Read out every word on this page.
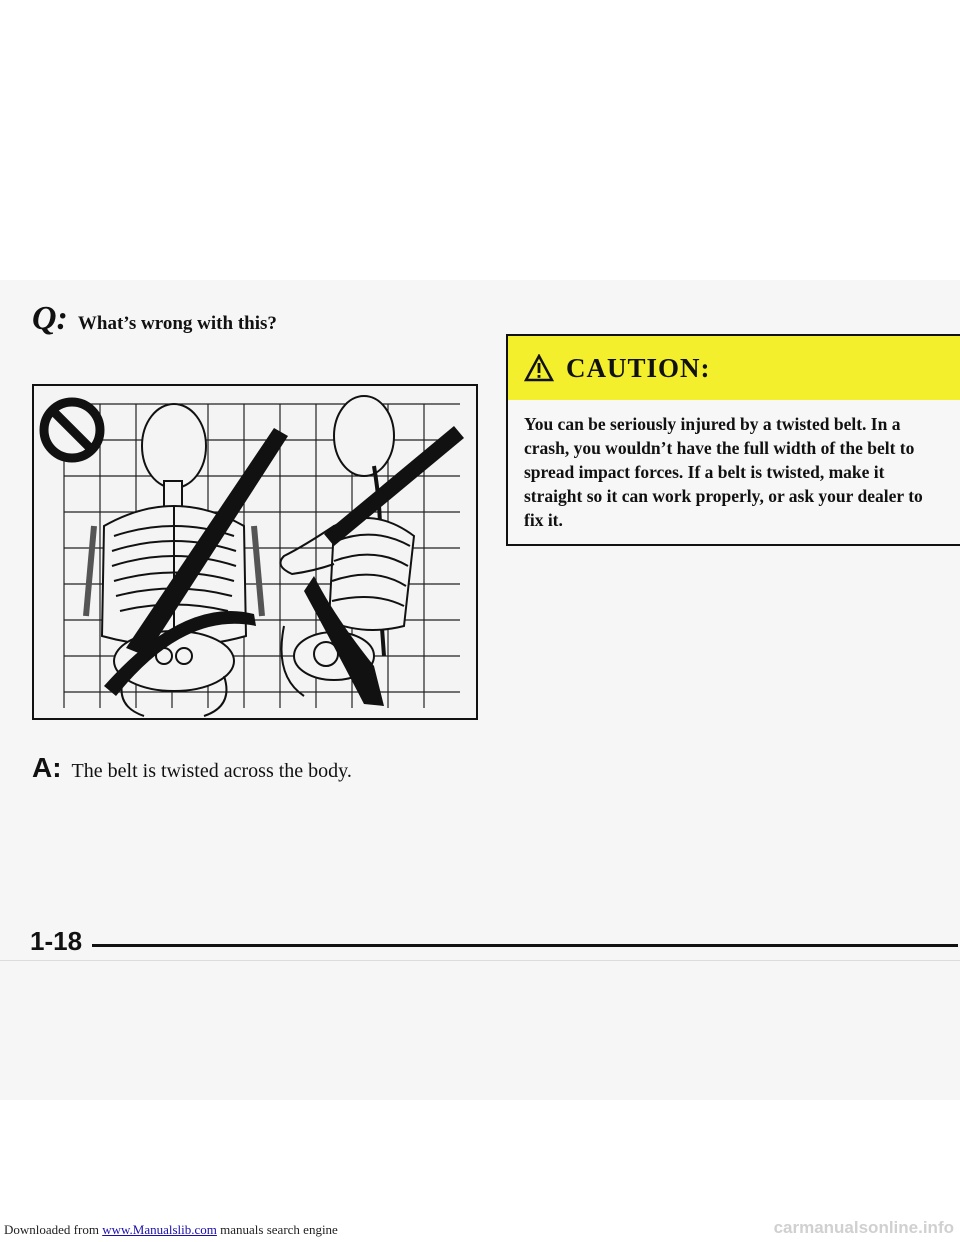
Q: What’s wrong with this?
A: The belt is twisted across the body.
CAUTION:
You can be seriously injured by a twisted belt. In a crash, you wouldn’t have the full width of the belt to spread impact forces. If a belt is twisted, make it straight so it can work properly, or ask your dealer to fix it.
1-18
Downloaded from www.Manualslib.com manuals search engine	carmanualsonline.info
